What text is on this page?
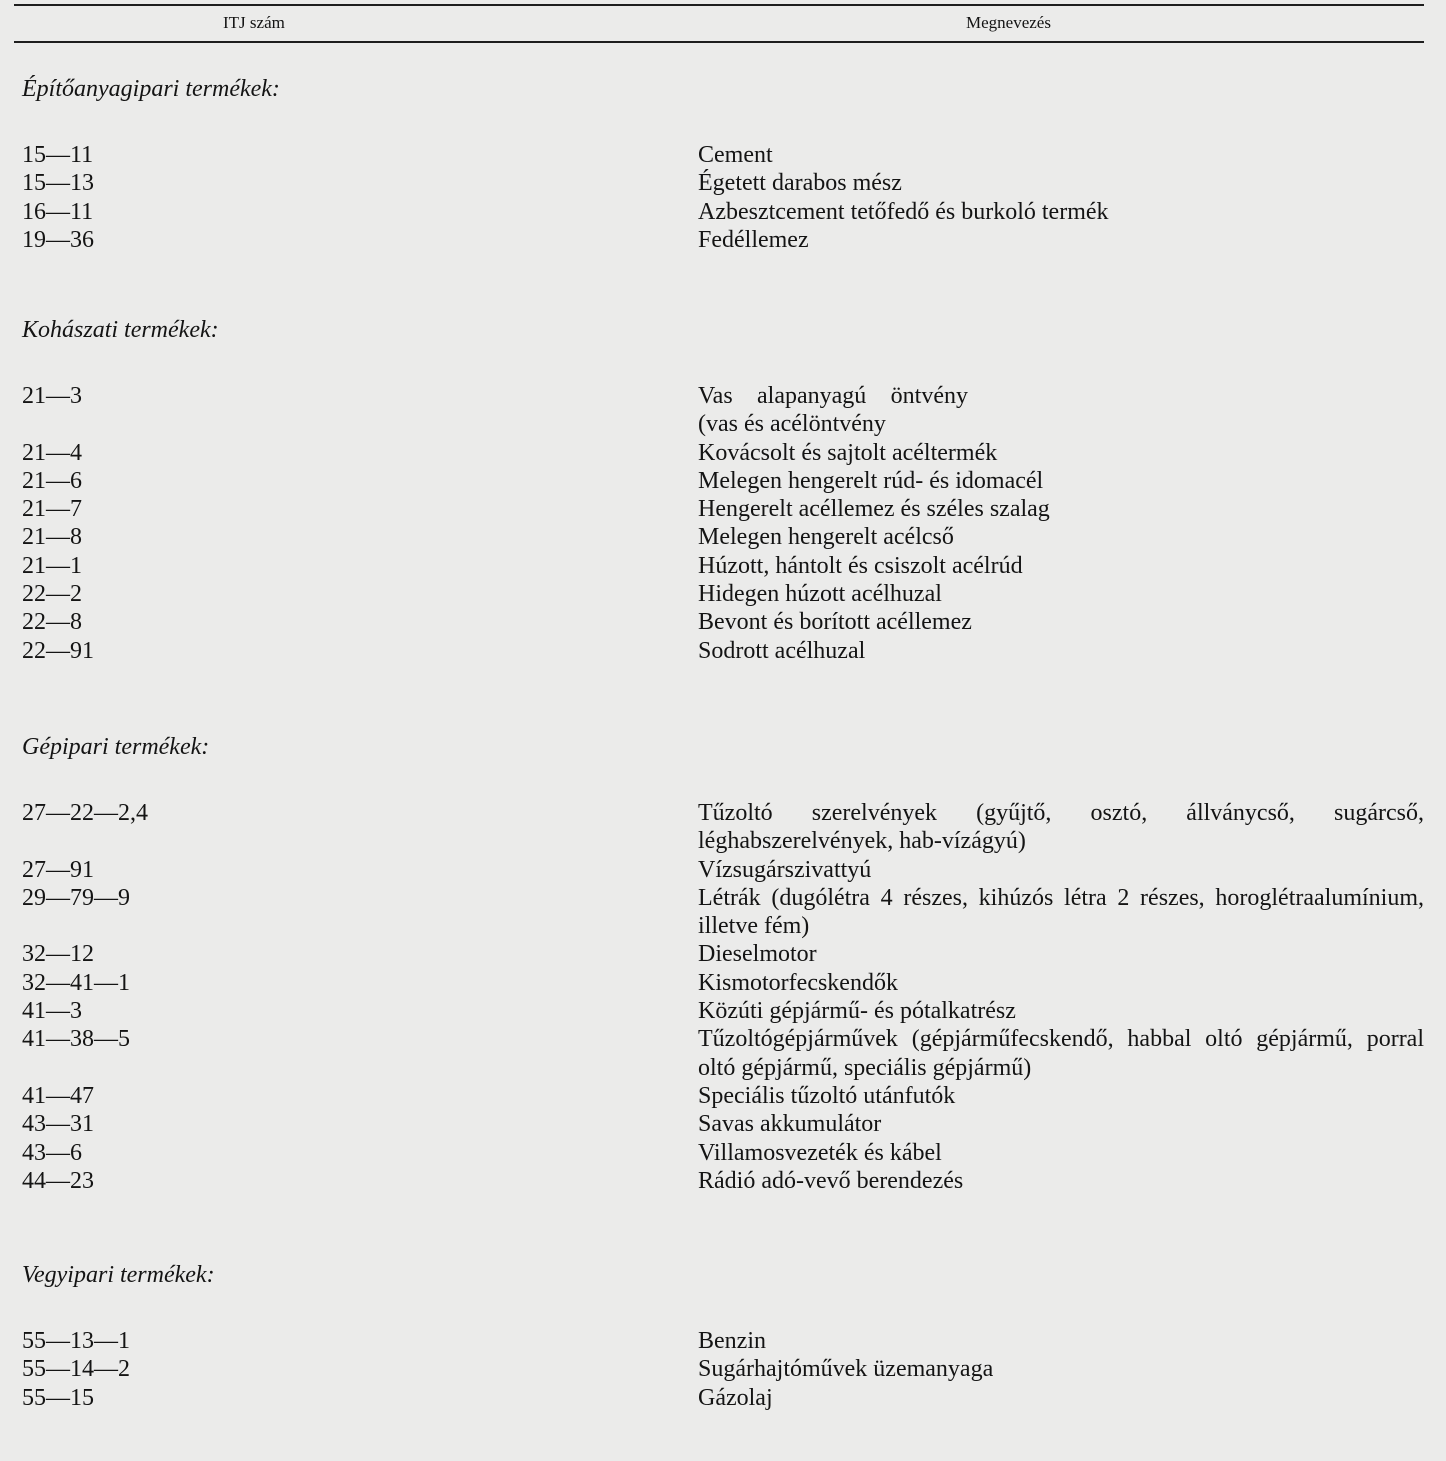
ITJ szám	Megnevezés

Építőanyagipari termékek:

15—11	Cement
15—13	Égetett darabos mész
16—11	Azbesztcement tetőfedő és burkoló termék
19—36	Fedéllemez

Kohászati termékek:

21—3	Vas alapanyagú öntvény (vas és acélöntvény
21—4	Kovácsolt és sajtolt acéltermék
21—6	Melegen hengerelt rúd- és idomacél
21—7	Hengerelt acéllemez és széles szalag
21—8	Melegen hengerelt acélcső
21—1	Húzott, hántolt és csiszolt acélrúd
22—2	Hidegen húzott acélhuzal
22—8	Bevont és borított acéllemez
22—91	Sodrott acélhuzal

Gépipari termékek:

27—22—2,4	Tűzoltó szerelvények (gyűjtő, osztó, állványcső, sugárcső, léghabszerelvények, hab-vízágyú)
27—91	Vízsugárszivattyú
29—79—9	Létrák (dugólétra 4 részes, kihúzós létra 2 részes, horoglétraalumínium, illetve fém)
32—12	Dieselmotor
32—41—1	Kismotorfecskendők
41—3	Közúti gépjármű- és pótalkatrész
41—38—5	Tűzoltógépjárművek (gépjárműfecskendő, habbal oltó gépjármű, porral oltó gépjármű, speciális gépjármű)
41—47	Speciális tűzoltó utánfutók
43—31	Savas akkumulátor
43—6	Villamosvezeték és kábel
44—23	Rádió adó-vevő berendezés

Vegyipari termékek:

55—13—1	Benzin
55—14—2	Sugárhajtóművek üzemanyaga
55—15	Gázolaj
